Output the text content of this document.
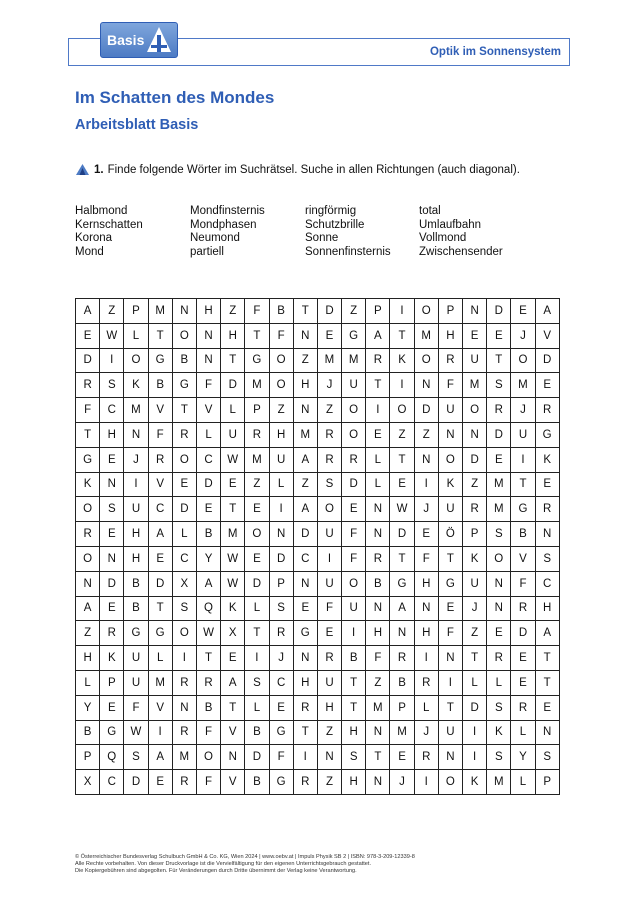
Optik im Sonnensystem
Basis
Im Schatten des Mondes
Arbeitsblatt Basis
1. Finde folgende Wörter im Suchrätsel. Suche in allen Richtungen (auch diagonal).
Halbmond	Mondfinsternis	ringförmig	total
Kernschatten	Mondphasen	Schutzbrille	Umlaufbahn
Korona	Neumond	Sonne	Vollmond
Mond	partiell	Sonnenfinsternis	Zwischensender
A	Z	P	M	N	H	Z	F	B	T	D	Z	P	I	O	P	N	D	E	A
E	W	L	T	O	N	H	T	F	N	E	G	A	T	M	H	E	E	J	V
D	I	O	G	B	N	T	G	O	Z	M	M	R	K	O	R	U	T	O	D
R	S	K	B	G	F	D	M	O	H	J	U	T	I	N	F	M	S	M	E
F	C	M	V	T	V	L	P	Z	N	Z	O	I	O	D	U	O	R	J	R
T	H	N	F	R	L	U	R	H	M	R	O	E	Z	Z	N	N	D	U	G
G	E	J	R	O	C	W	M	U	A	R	R	L	T	N	O	D	E	I	K
K	N	I	V	E	D	E	Z	L	Z	S	D	L	E	I	K	Z	M	T	E
O	S	U	C	D	E	T	E	I	A	O	E	N	W	J	U	R	M	G	R
R	E	H	A	L	B	M	O	N	D	U	F	N	D	E	Ö	P	S	B	N
O	N	H	E	C	Y	W	E	D	C	I	F	R	T	F	T	K	O	V	S
N	D	B	D	X	A	W	D	P	N	U	O	B	G	H	G	U	N	F	C
A	E	B	T	S	Q	K	L	S	E	F	U	N	A	N	E	J	N	R	H
Z	R	G	G	O	W	X	T	R	G	E	I	H	N	H	F	Z	E	D	A
H	K	U	L	I	T	E	I	J	N	R	B	F	R	I	N	T	R	E	T
L	P	U	M	R	R	A	S	C	H	U	T	Z	B	R	I	L	L	E	T
Y	E	F	V	N	B	T	L	E	R	H	T	M	P	L	T	D	S	R	E
B	G	W	I	R	F	V	B	G	T	Z	H	N	M	J	U	I	K	L	N
P	Q	S	A	M	O	N	D	F	I	N	S	T	E	R	N	I	S	Y	S
X	C	D	E	R	F	V	B	G	R	Z	H	N	J	I	O	K	M	L	P
© Österreichischer Bundesverlag Schulbuch GmbH & Co. KG, Wien 2024 | www.oebv.at | Impuls Physik SB 2 | ISBN: 978-3-209-12339-8
Alle Rechte vorbehalten. Von dieser Druckvorlage ist die Vervielfältigung für den eigenen Unterrichtsgebrauch gestattet.
Die Kopiergebühren sind abgegolten. Für Veränderungen durch Dritte übernimmt der Verlag keine Verantwortung.
